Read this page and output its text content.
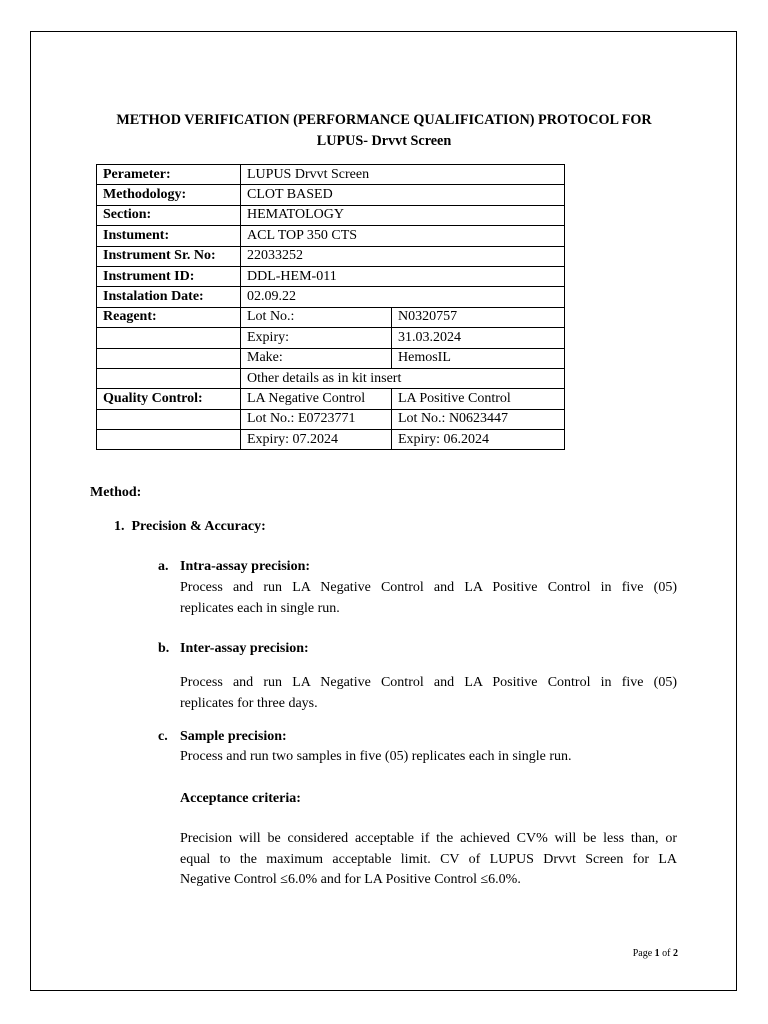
METHOD VERIFICATION (PERFORMANCE QUALIFICATION) PROTOCOL FOR
LUPUS- Drvvt Screen
Perameter:	LUPUS Drvvt Screen	
Methodology:	CLOT BASED	
Section:	HEMATOLOGY	
Instument:	ACL TOP 350 CTS	
Instrument Sr. No:	22033252	
Instrument ID:	DDL-HEM-011	
Instalation Date:	02.09.22	
Reagent:	Lot No.:	N0320757
	Expiry:	31.03.2024
	Make:	HemosIL
	Other details as in kit insert	
Quality Control:	LA Negative Control	LA Positive Control
	Lot No.: E0723771	Lot No.: N0623447
	Expiry: 07.2024	Expiry: 06.2024
Method:
1. Precision & Accuracy:
a. Intra-assay precision:
Process and run LA Negative Control and LA Positive Control in five (05)
replicates each in single run.
b. Inter-assay precision:
Process and run LA Negative Control and LA Positive Control in five (05)
replicates for three days.
c. Sample precision:
Process and run two samples in five (05) replicates each in single run.
Acceptance criteria:
Precision will be considered acceptable if the achieved CV% will be less than, or
equal to the maximum acceptable limit. CV of LUPUS Drvvt Screen for LA
Negative Control ≤6.0% and for LA Positive Control ≤6.0%.
Page 1 of 2
